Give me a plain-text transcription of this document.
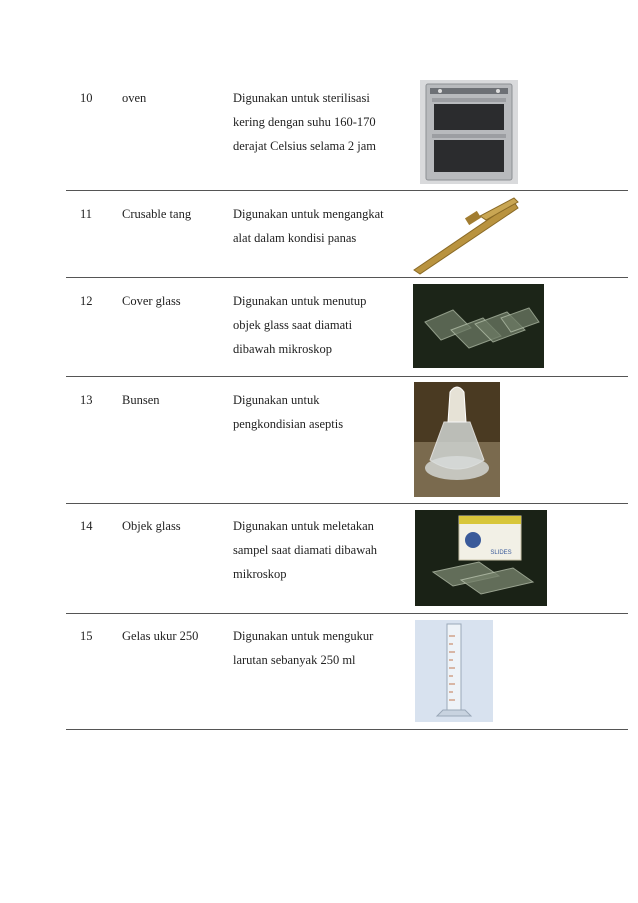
10 oven	Digunakan untuk sterilisasi
kering dengan suhu 160-170
derajat Celsius selama 2 jam
11 Crusable tang	Digunakan untuk mengangkat
alat dalam kondisi panas
12 Cover glass	Digunakan untuk menutup
objek glass saat diamati
dibawah mikroskop
13 Bunsen	Digunakan untuk
pengkondisian aseptis
14 Objek glass	Digunakan untuk meletakan
sampel saat diamati dibawah
mikroskop
SLIDES
15 Gelas ukur 250	Digunakan untuk mengukur
larutan sebanyak 250 ml
